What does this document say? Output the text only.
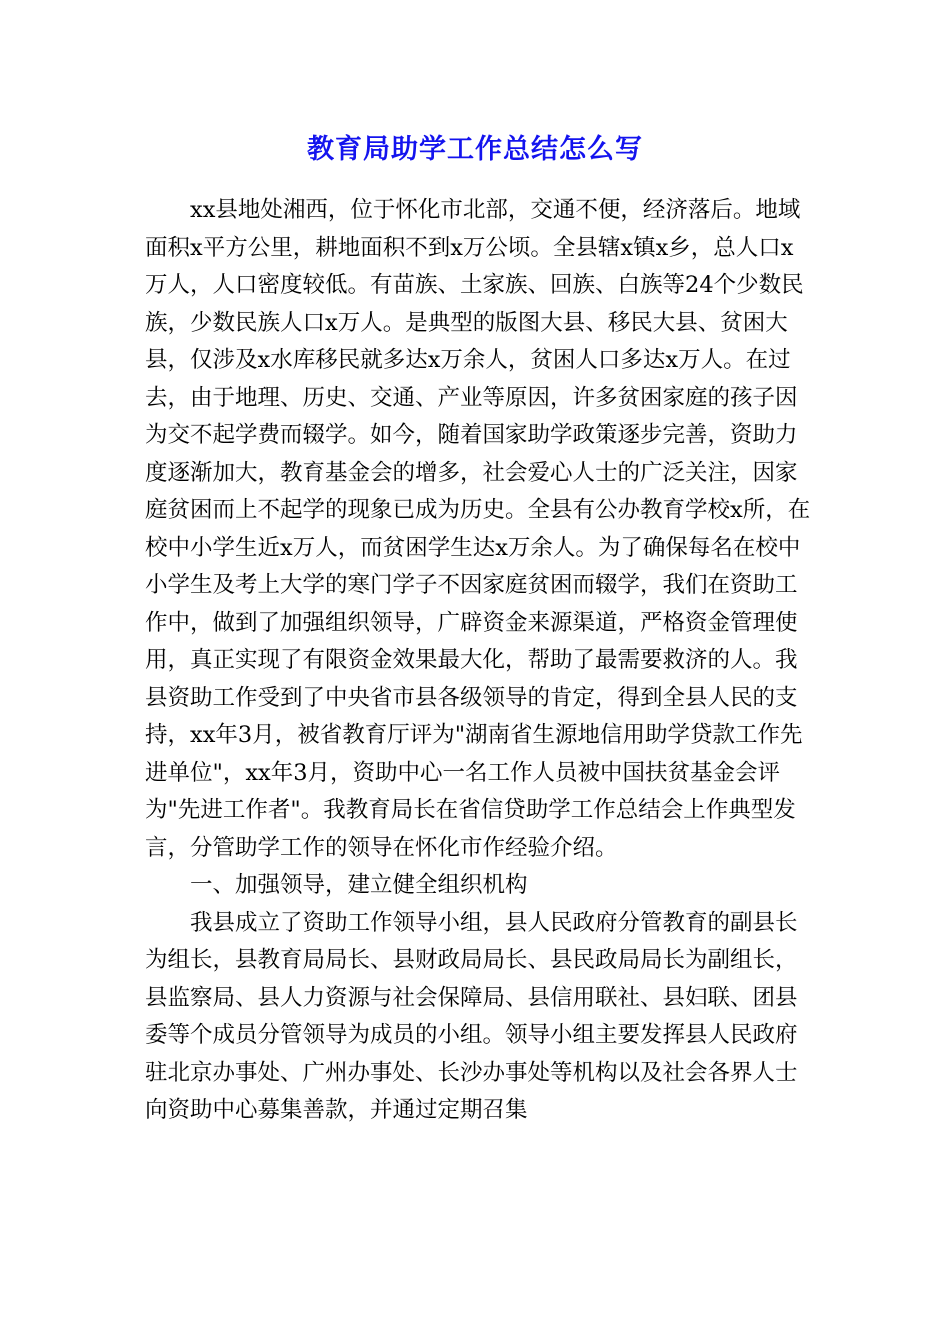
教育局助学工作总结怎么写

xx县地处湘西，位于怀化市北部，交通不便，经济落后。地域面积x平方公里，耕地面积不到x万公顷。全县辖x镇x乡，总人口x万人，人口密度较低。有苗族、土家族、回族、白族等24个少数民族，少数民族人口x万人。是典型的版图大县、移民大县、贫困大县，仅涉及x水库移民就多达x万余人，贫困人口多达x万人。在过去，由于地理、历史、交通、产业等原因，许多贫困家庭的孩子因为交不起学费而辍学。如今，随着国家助学政策逐步完善，资助力度逐渐加大，教育基金会的增多，社会爱心人士的广泛关注，因家庭贫困而上不起学的现象已成为历史。全县有公办教育学校x所，在校中小学生近x万人，而贫困学生达x万余人。为了确保每名在校中小学生及考上大学的寒门学子不因家庭贫困而辍学，我们在资助工作中，做到了加强组织领导，广辟资金来源渠道，严格资金管理使用，真正实现了有限资金效果最大化，帮助了最需要救济的人。我县资助工作受到了中央省市县各级领导的肯定，得到全县人民的支持，xx年3月，被省教育厅评为"湖南省生源地信用助学贷款工作先进单位"，xx年3月，资助中心一名工作人员被中国扶贫基金会评为"先进工作者"。我教育局长在省信贷助学工作总结会上作典型发言，分管助学工作的领导在怀化市作经验介绍。

一、加强领导，建立健全组织机构

我县成立了资助工作领导小组，县人民政府分管教育的副县长为组长，县教育局局长、县财政局局长、县民政局局长为副组长，县监察局、县人力资源与社会保障局、县信用联社、县妇联、团县委等个成员分管领导为成员的小组。领导小组主要发挥县人民政府驻北京办事处、广州办事处、长沙办事处等机构以及社会各界人士向资助中心募集善款，并通过定期召集
